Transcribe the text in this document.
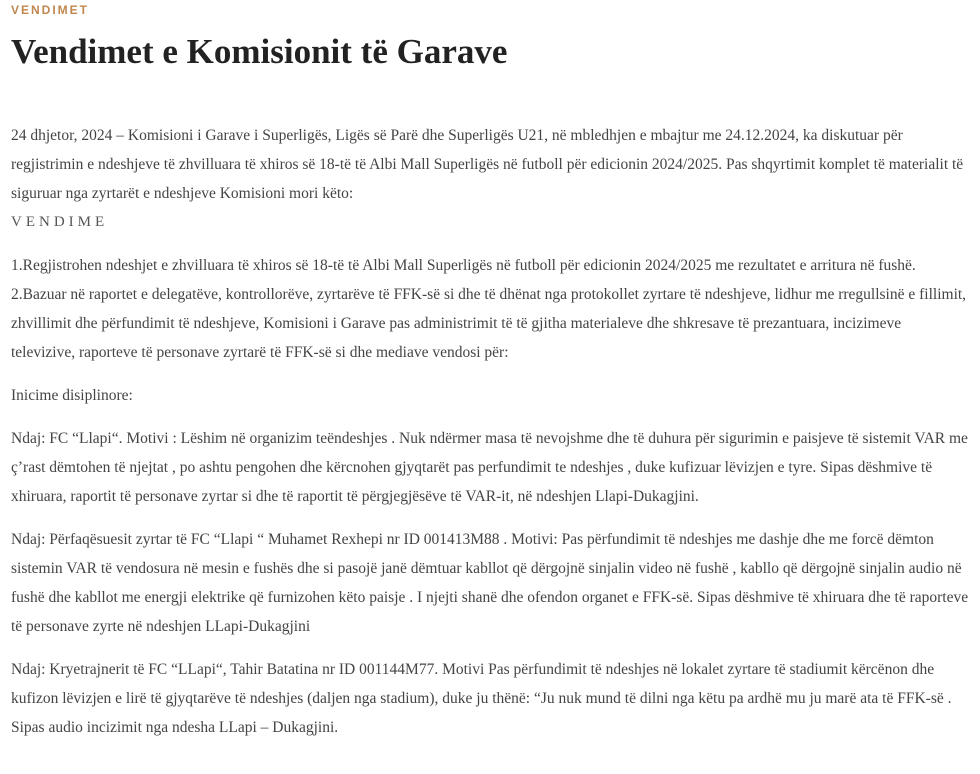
VENDIMET
Vendimet e Komisionit të Garave

24 dhjetor, 2024 – Komisioni i Garave i Superligës, Ligës së Parë dhe Superligës U21, në mbledhjen e mbajtur me 24.12.2024, ka diskutuar për regjistrimin e ndeshjeve të zhvilluara të xhiros së 18-të të Albi Mall Superligës në futboll për edicionin 2024/2025. Pas shqyrtimit komplet të materialit të siguruar nga zyrtarët e ndeshjeve Komisioni mori këto:

VENDIME

1.Regjistrohen ndeshjet e zhvilluara të xhiros së 18-të të Albi Mall Superligës në futboll për edicionin 2024/2025 me rezultatet e arritura në fushë.

2.Bazuar në raportet e delegatëve, kontrollorëve, zyrtarëve të FFK-së si dhe të dhënat nga protokollet zyrtare të ndeshjeve, lidhur me rregullsinë e fillimit, zhvillimit dhe përfundimit të ndeshjeve, Komisioni i Garave pas administrimit të të gjitha materialeve dhe shkresave të prezantuara, incizimeve televizive, raporteve të personave zyrtarë të FFK-së si dhe mediave vendosi për:

Inicime disiplinore:

Ndaj: FC “Llapi“. Motivi : Lëshim në organizim teëndeshjes . Nuk ndërmer masa të nevojshme dhe të duhura për sigurimin e paisjeve të sistemit VAR me ç’rast dëmtohen të njejtat , po ashtu pengohen dhe kërcnohen gjyqtarët pas perfundimit te ndeshjes , duke kufizuar lëvizjen e tyre. Sipas dëshmive të xhiruara, raportit të personave zyrtar si dhe të raportit të përgjegjësëve të VAR-it, në ndeshjen Llapi-Dukagjini.

Ndaj: Përfaqësuesit zyrtar të FC “Llapi “ Muhamet Rexhepi nr ID 001413M88 . Motivi: Pas përfundimit të ndeshjes me dashje dhe me forcë dëmton sistemin VAR të vendosura në mesin e fushës dhe si pasojë janë dëmtuar kabllot që dërgojnë sinjalin video në fushë , kabllo që dërgojnë sinjalin audio në fushë dhe kabllot me energji elektrike që furnizohen këto paisje . I njejti shanë dhe ofendon organet e FFK-së. Sipas dëshmive të xhiruara dhe të raporteve të personave zyrte në ndeshjen LLapi-Dukagjini

Ndaj: Kryetrajnerit të FC “LLapi“, Tahir Batatina nr ID 001144M77. Motivi Pas përfundimit të ndeshjes në lokalet zyrtare të stadiumit kërcënon dhe kufizon lëvizjen e lirë të gjyqtarëve të ndeshjes (daljen nga stadium), duke ju thënë: “Ju nuk mund të dilni nga këtu pa ardhë mu ju marë ata të FFK-së . Sipas audio incizimit nga ndesha LLapi – Dukagjini.
